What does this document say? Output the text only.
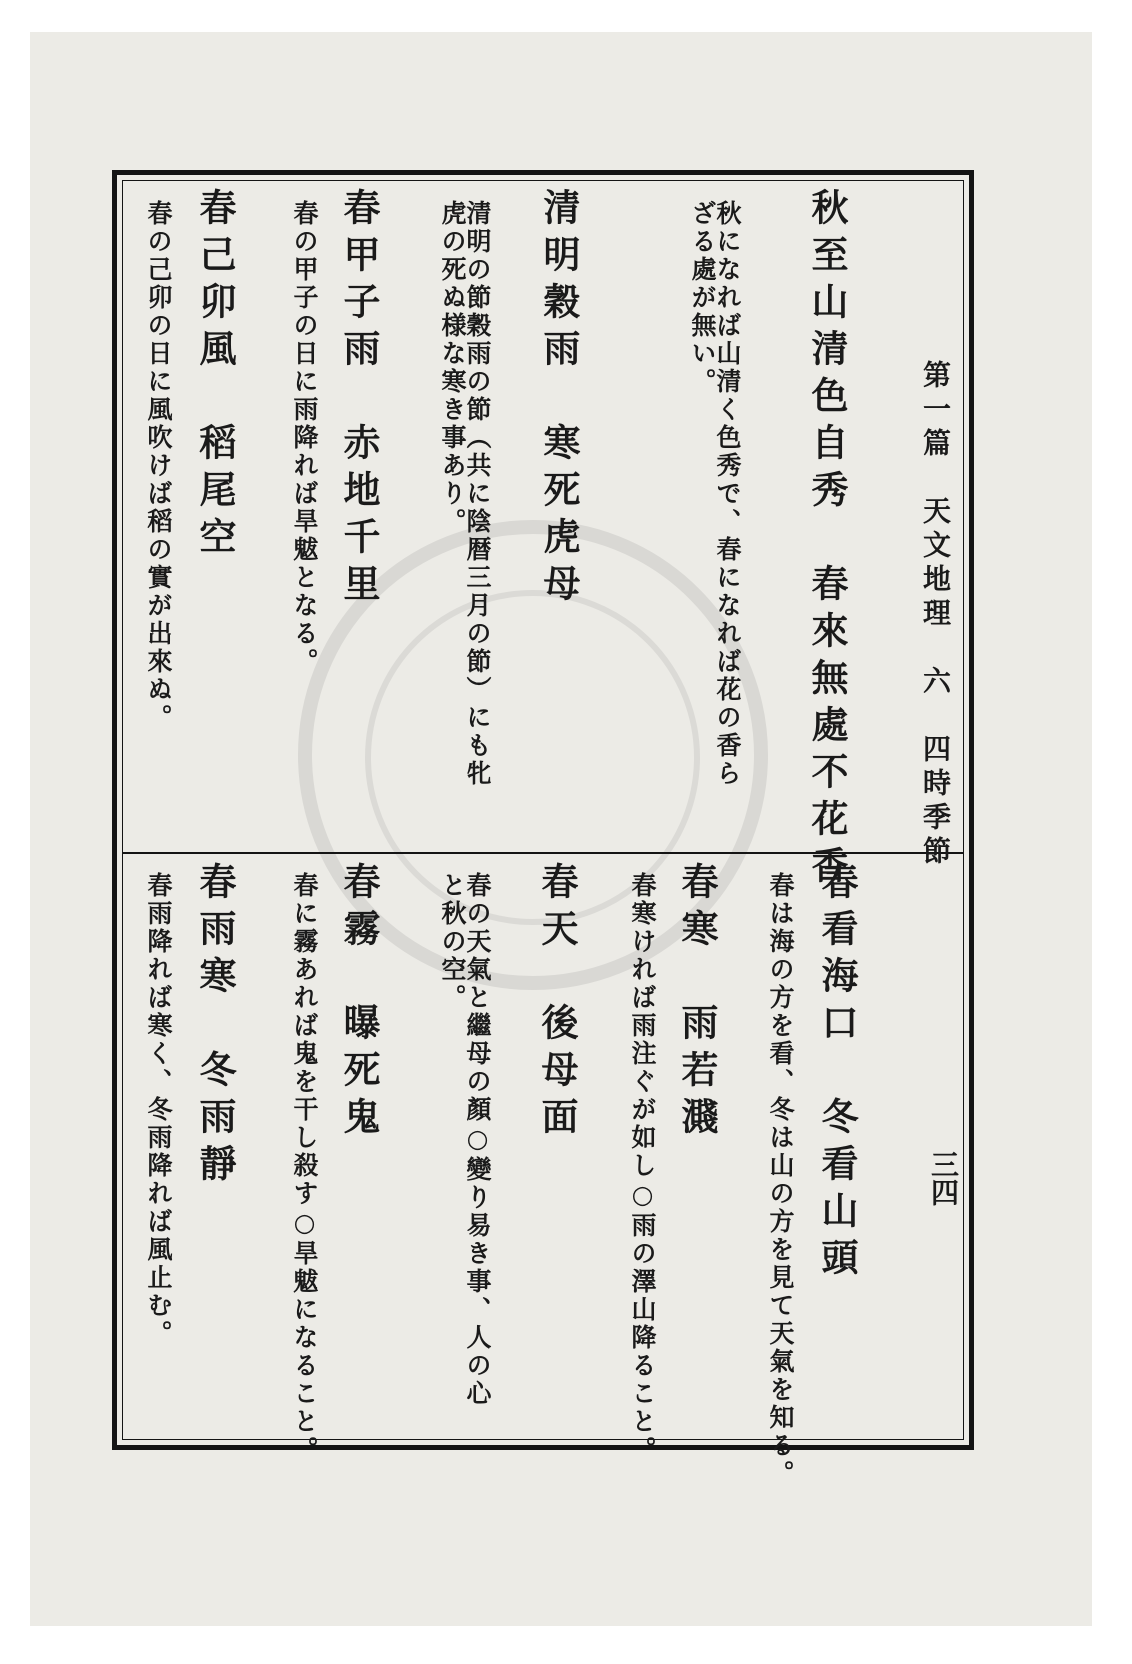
第一篇　天文地理　六　四時季節
三四
秋至山清色自秀　春來無處不花香
秋になれば山清く色秀で、春になれば花の香らざる處が無い。
清明穀雨　寒死虎母
清明の節穀雨の節（共に陰暦三月の節）にも牝虎の死ぬ様な寒き事あり。
春甲子雨　赤地千里
春の甲子の日に雨降れば旱魃となる。
春己卯風　稻尾空
春の己卯の日に風吹けば稻の實が出來ぬ。
春看海口　冬看山頭
春は海の方を看、冬は山の方を見て天氣を知る。
春寒　雨若濺
春寒ければ雨注ぐが如し○雨の澤山降ること。
春天　後母面
春の天氣と繼母の顏○變り易き事、人の心と秋の空。
春霧　曝死鬼
春に霧あれば鬼を干し殺す○旱魃になること。
春雨寒　冬雨靜
春雨降れば寒く、冬雨降れば風止む。
